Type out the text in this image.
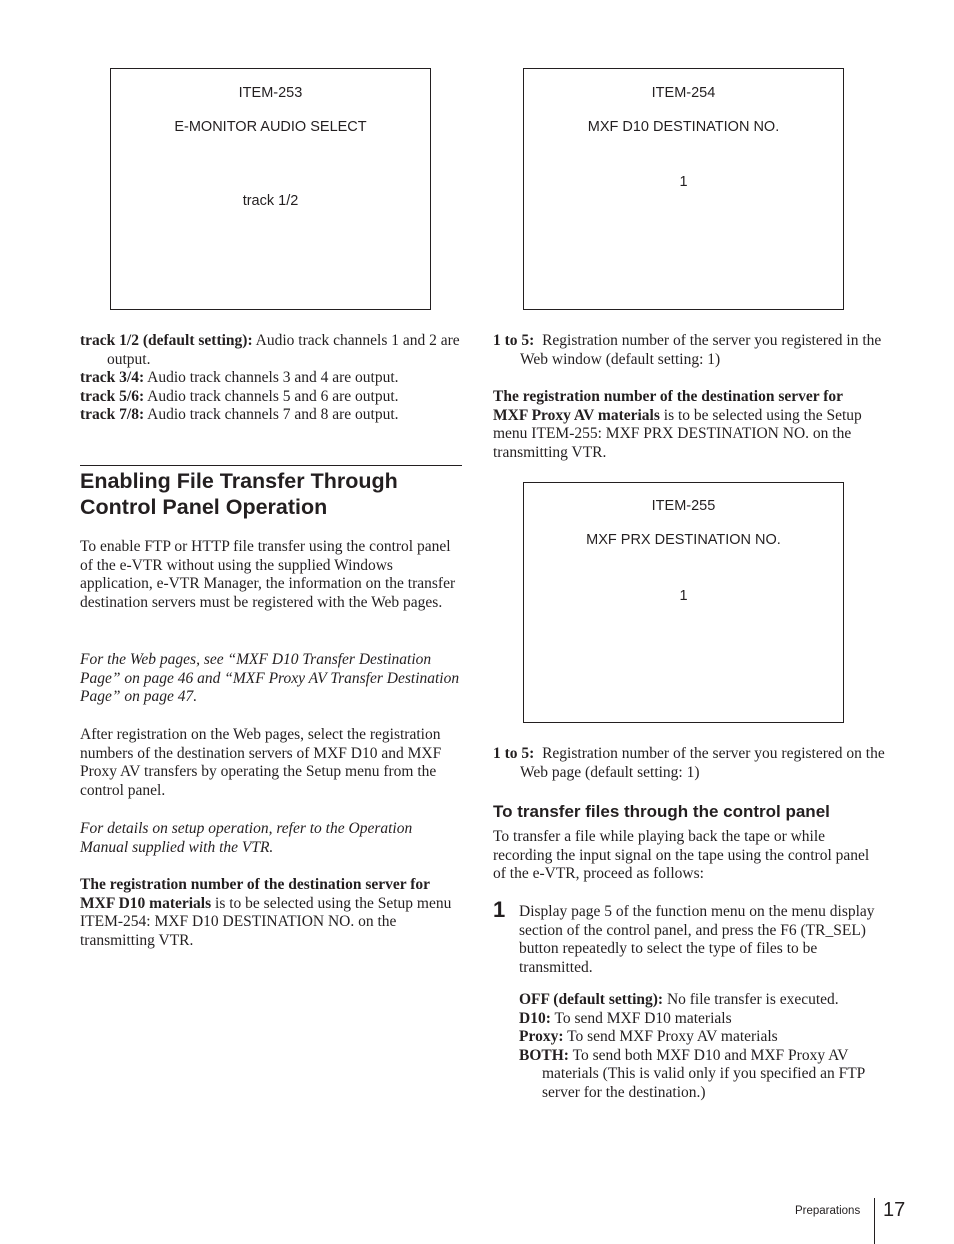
ITEM-253
E-MONITOR AUDIO SELECT
track 1/2
ITEM-254
MXF D10 DESTINATION NO.
1
track 1/2 (default setting): Audio track channels 1 and 2 are output.
track 3/4: Audio track channels 3 and 4 are output.
track 5/6: Audio track channels 5 and 6 are output.
track 7/8: Audio track channels 7 and 8 are output.
Enabling File Transfer Through
Control Panel Operation

To enable FTP or HTTP file transfer using the control panel of the e-VTR without using the supplied Windows application, e-VTR Manager, the information on the transfer destination servers must be registered with the Web pages.

For the Web pages, see “MXF D10 Transfer Destination Page” on page 46 and “MXF Proxy AV Transfer Destination Page” on page 47.

After registration on the Web pages, select the registration numbers of the destination servers of MXF D10 and MXF Proxy AV transfers by operating the Setup menu from the control panel.

For details on setup operation, refer to the Operation Manual supplied with the VTR.

The registration number of the destination server for MXF D10 materials is to be selected using the Setup menu ITEM-254: MXF D10 DESTINATION NO. on the transmitting VTR.

1 to 5: Registration number of the server you registered in the Web window (default setting: 1)

The registration number of the destination server for MXF Proxy AV materials is to be selected using the Setup menu ITEM-255: MXF PRX DESTINATION NO. on the transmitting VTR.

ITEM-255
MXF PRX DESTINATION NO.
1

1 to 5: Registration number of the server you registered on the Web page (default setting: 1)

To transfer files through the control panel

To transfer a file while playing back the tape or while recording the input signal on the tape using the control panel of the e-VTR, proceed as follows:

1 Display page 5 of the function menu on the menu display section of the control panel, and press the F6 (TR_SEL) button repeatedly to select the type of files to be transmitted.

OFF (default setting): No file transfer is executed.
D10: To send MXF D10 materials
Proxy: To send MXF Proxy AV materials
BOTH: To send both MXF D10 and MXF Proxy AV materials (This is valid only if you specified an FTP server for the destination.)
Preparations 17
